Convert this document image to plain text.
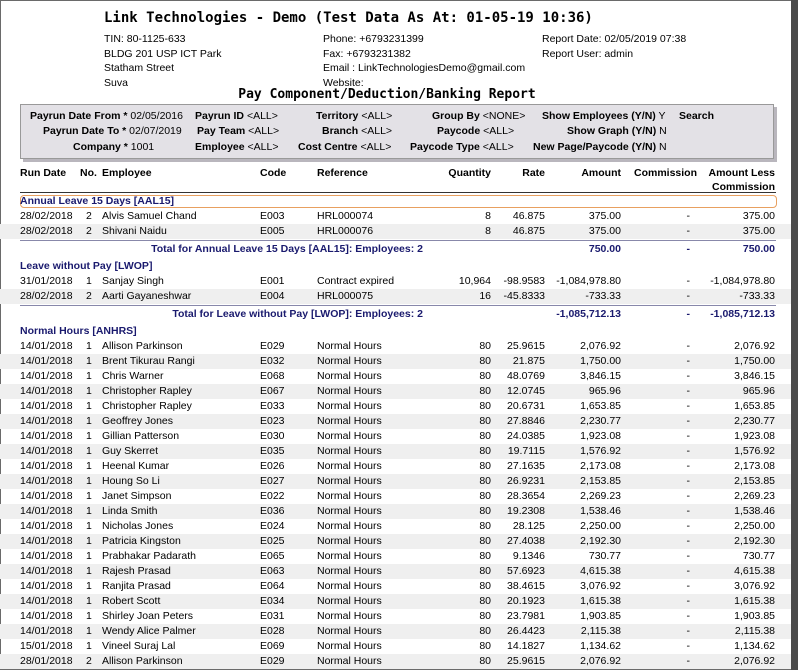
Link Technologies - Demo (Test Data As At: 01-05-19 10:36)
TIN: 80-1125-633
BLDG 201 USP ICT Park
Statham Street
Suva
Phone: +6793231399
Fax: +6793231382
Email : LinkTechnologiesDemo@gmail.com
Website:
Report Date: 02/05/2019 07:38
Report User: admin
Pay Component/Deduction/Banking Report
Payrun Date From * 02/05/2016 Payrun ID <ALL>	Territory <ALL>	Group By <NONE> Show Employees (Y/N) Y Search
Payrun Date To * 02/07/2019 Pay Team <ALL>	Branch <ALL>	Paycode <ALL>	Show Graph (Y/N) N
Company * 1001	Employee <ALL> Cost Centre <ALL> Paycode Type <ALL> New Page/Paycode (Y/N) N
Run Date No. Employee	Code	Reference	Quantity	Rate	Amount	Commission	Amount Less
Commission
Annual Leave 15 Days [AAL15]
28/02/2018 2 Alvis Samuel Chand	E003	HRL000074	8	46.875	375.00	-	375.00
28/02/2018 2 Shivani Naidu	E005	HRL000076	8	46.875	375.00	-	375.00
Total for Annual Leave 15 Days [AAL15]: Employees: 2	750.00	-	750.00
Leave without Pay [LWOP]
31/01/2018 1 Sanjay Singh	E001	Contract expired	10,964	-98.9583	-1,084,978.80	-	-1,084,978.80
28/02/2018 2 Aarti Gayaneshwar	E004	HRL000075	16	-45.8333	-733.33	-	-733.33
Total for Leave without Pay [LWOP]: Employees: 2	-1,085,712.13	-	-1,085,712.13
Normal Hours [ANHRS]
14/01/2018 1 Allison Parkinson	E029	Normal Hours	80	25.9615	2,076.92	-	2,076.92
14/01/2018 1 Brent Tikurau Rangi	E032	Normal Hours	80	21.875	1,750.00	-	1,750.00
14/01/2018 1 Chris Warner	E068	Normal Hours	80	48.0769	3,846.15	-	3,846.15
14/01/2018 1 Christopher Rapley	E067	Normal Hours	80	12.0745	965.96	-	965.96
14/01/2018 1 Christopher Rapley	E033	Normal Hours	80	20.6731	1,653.85	-	1,653.85
14/01/2018 1 Geoffrey Jones	E023	Normal Hours	80	27.8846	2,230.77	-	2,230.77
14/01/2018 1 Gillian Patterson	E030	Normal Hours	80	24.0385	1,923.08	-	1,923.08
14/01/2018 1 Guy Skerret	E035	Normal Hours	80	19.7115	1,576.92	-	1,576.92
14/01/2018 1 Heenal Kumar	E026	Normal Hours	80	27.1635	2,173.08	-	2,173.08
14/01/2018 1 Houng So Li	E027	Normal Hours	80	26.9231	2,153.85	-	2,153.85
14/01/2018 1 Janet Simpson	E022	Normal Hours	80	28.3654	2,269.23	-	2,269.23
14/01/2018 1 Linda Smith	E036	Normal Hours	80	19.2308	1,538.46	-	1,538.46
14/01/2018 1 Nicholas Jones	E024	Normal Hours	80	28.125	2,250.00	-	2,250.00
14/01/2018 1 Patricia Kingston	E025	Normal Hours	80	27.4038	2,192.30	-	2,192.30
14/01/2018 1 Prabhakar Padarath	E065	Normal Hours	80	9.1346	730.77	-	730.77
14/01/2018 1 Rajesh Prasad	E063	Normal Hours	80	57.6923	4,615.38	-	4,615.38
14/01/2018 1 Ranjita Prasad	E064	Normal Hours	80	38.4615	3,076.92	-	3,076.92
14/01/2018 1 Robert Scott	E034	Normal Hours	80	20.1923	1,615.38	-	1,615.38
14/01/2018 1 Shirley Joan Peters	E031	Normal Hours	80	23.7981	1,903.85	-	1,903.85
14/01/2018 1 Wendy Alice Palmer	E028	Normal Hours	80	26.4423	2,115.38	-	2,115.38
15/01/2018 1 Vineel Suraj Lal	E069	Normal Hours	80	14.1827	1,134.62	-	1,134.62
28/01/2018 2 Allison Parkinson	E029	Normal Hours	80	25.9615	2,076.92	-	2,076.92
